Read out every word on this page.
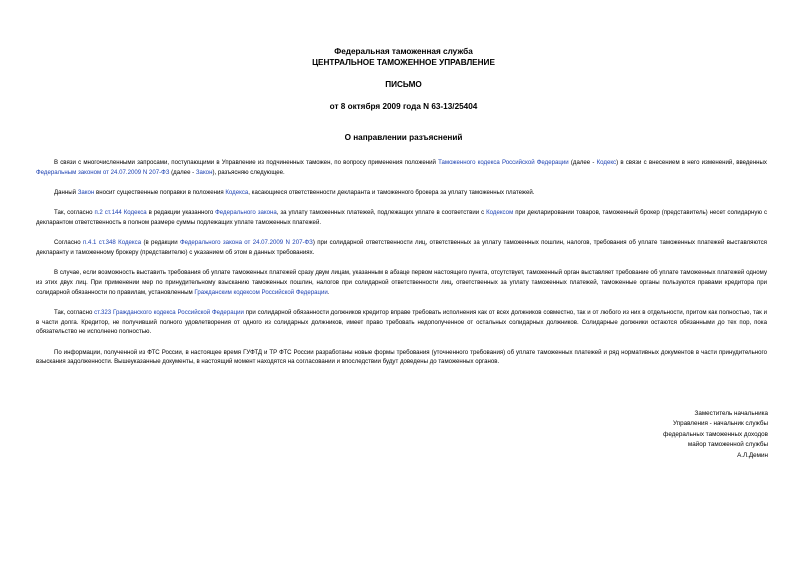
Федеральная таможенная служба
ЦЕНТРАЛЬНОЕ ТАМОЖЕННОЕ УПРАВЛЕНИЕ
ПИСЬМО
от 8 октября 2009 года N 63-13/25404
О направлении разъяснений

В связи с многочисленными запросами, поступающими в Управление из подчиненных таможен, по вопросу применения положений Таможенного кодекса Российской Федерации (далее - Кодекс) в связи с внесением в него изменений, введенных Федеральным законом от 24.07.2009 N 207-ФЗ (далее - Закон), разъясняю следующее.

Данный Закон вносит существенные поправки в положения Кодекса, касающиеся ответственности декларанта и таможенного брокера за уплату таможенных платежей.

Так, согласно п.2 ст.144 Кодекса в редакции указанного Федерального закона, за уплату таможенных платежей, подлежащих уплате в соответствии с Кодексом при декларировании товаров, таможенный брокер (представитель) несет солидарную с декларантом ответственность в полном размере суммы подлежащих уплате таможенных платежей.

Согласно п.4.1 ст.348 Кодекса (в редакции Федерального закона от 24.07.2009 N 207-ФЗ) при солидарной ответственности лиц, ответственных за уплату таможенных пошлин, налогов, требования об уплате таможенных платежей выставляются декларанту и таможенному брокеру (представителю) с указанием об этом в данных требованиях.

В случае, если возможность выставить требования об уплате таможенных платежей сразу двум лицам, указанным в абзаце первом настоящего пункта, отсутствует, таможенный орган выставляет требование об уплате таможенных платежей одному из этих двух лиц. При применении мер по принудительному взысканию таможенных пошлин, налогов при солидарной ответственности лиц, ответственных за уплату таможенных платежей, таможенные органы пользуются правами кредитора при солидарной обязанности по правилам, установленным Гражданским кодексом Российской Федерации.

Так, согласно ст.323 Гражданского кодекса Российской Федерации при солидарной обязанности должников кредитор вправе требовать исполнения как от всех должников совместно, так и от любого из них в отдельности, притом как полностью, так и в части долга. Кредитор, не получивший полного удовлетворения от одного из солидарных должников, имеет право требовать недополученное от остальных солидарных должников. Солидарные должники остаются обязанными до тех пор, пока обязательство не исполнено полностью.

По информации, полученной из ФТС России, в настоящее время ГУФТД и ТР ФТС России разработаны новые формы требования (уточненного требования) об уплате таможенных платежей и ряд нормативных документов в части принудительного взыскания задолженности. Вышеуказанные документы, в настоящий момент находятся на согласовании и впоследствии будут доведены до таможенных органов.

Заместитель начальника
Управления - начальник службы
федеральных таможенных доходов
майор таможенной службы
А.Л.Демин
